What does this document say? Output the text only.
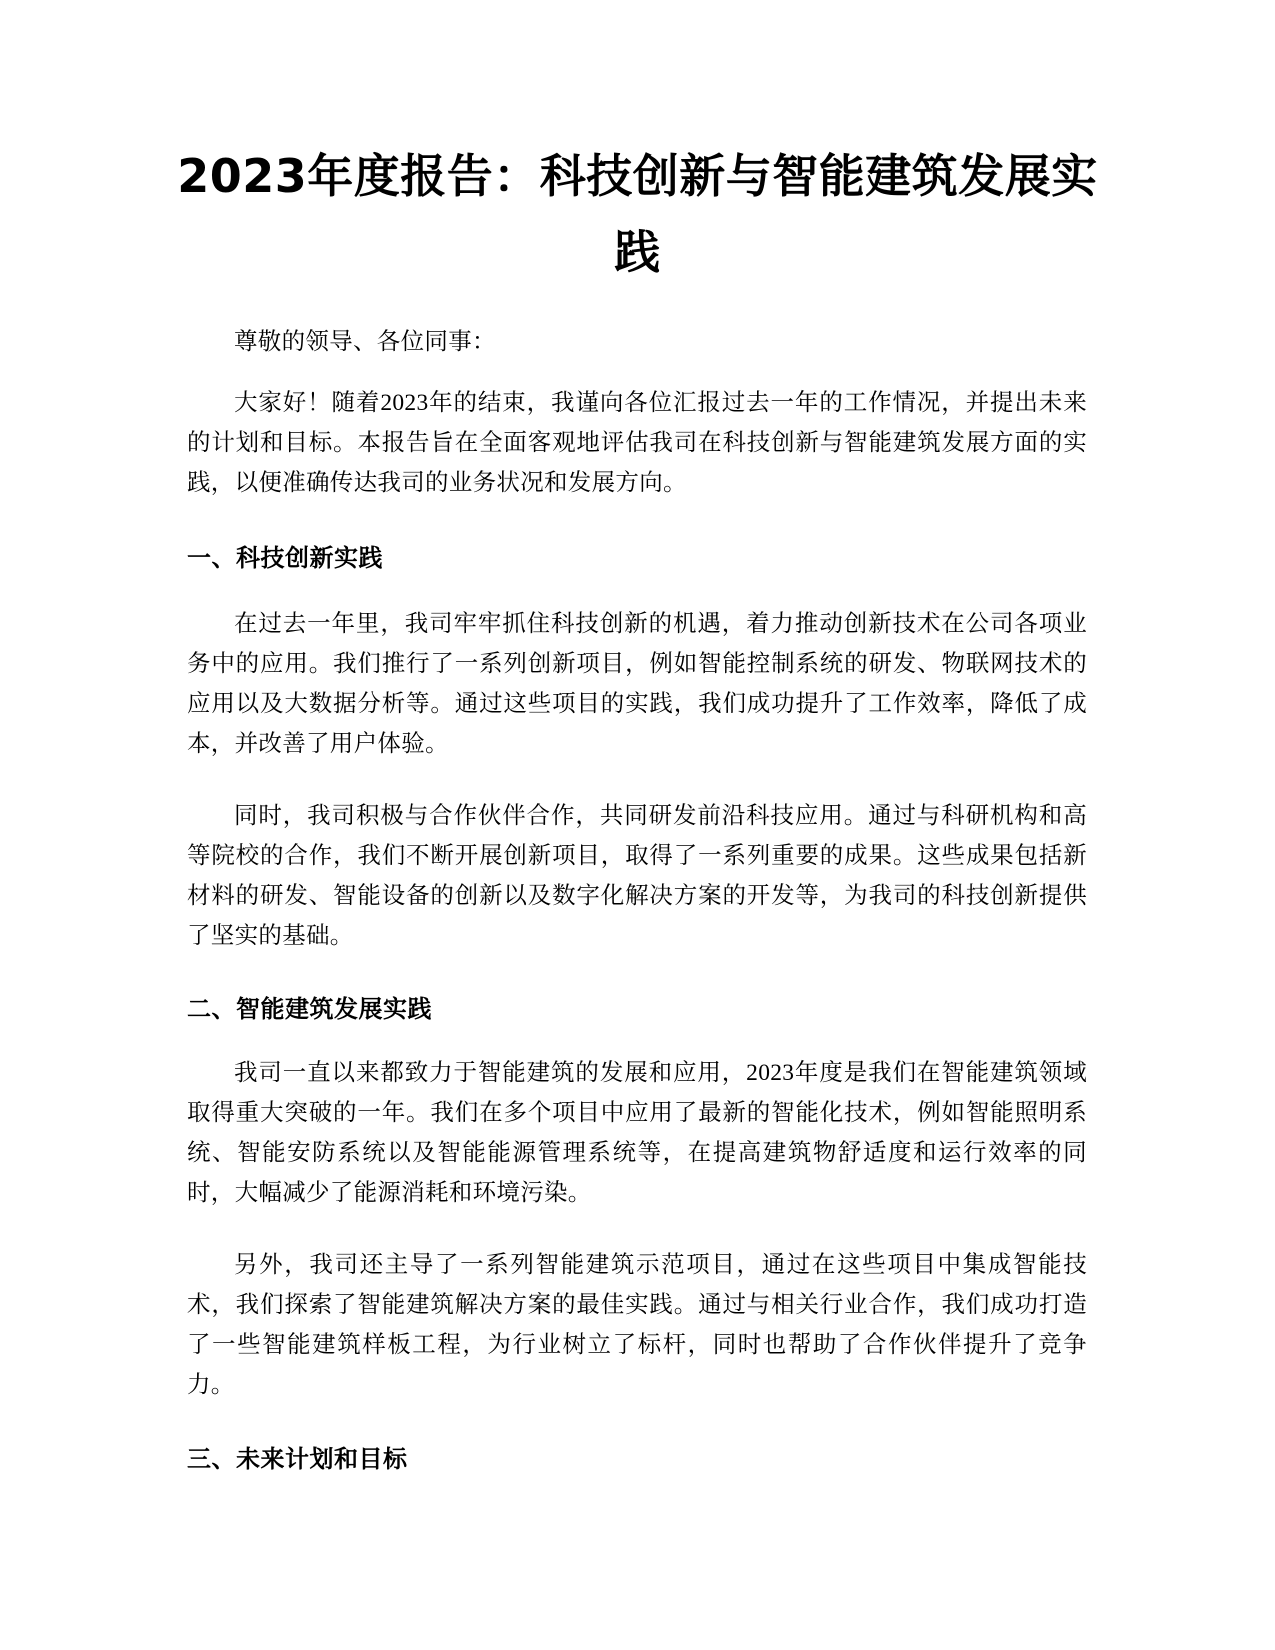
2023年度报告：科技创新与智能建筑发展实践

尊敬的领导、各位同事：

大家好！随着2023年的结束，我谨向各位汇报过去一年的工作情况，并提出未来的计划和目标。本报告旨在全面客观地评估我司在科技创新与智能建筑发展方面的实践，以便准确传达我司的业务状况和发展方向。

一、科技创新实践

在过去一年里，我司牢牢抓住科技创新的机遇，着力推动创新技术在公司各项业务中的应用。我们推行了一系列创新项目，例如智能控制系统的研发、物联网技术的应用以及大数据分析等。通过这些项目的实践，我们成功提升了工作效率，降低了成本，并改善了用户体验。

同时，我司积极与合作伙伴合作，共同研发前沿科技应用。通过与科研机构和高等院校的合作，我们不断开展创新项目，取得了一系列重要的成果。这些成果包括新材料的研发、智能设备的创新以及数字化解决方案的开发等，为我司的科技创新提供了坚实的基础。

二、智能建筑发展实践

我司一直以来都致力于智能建筑的发展和应用，2023年度是我们在智能建筑领域取得重大突破的一年。我们在多个项目中应用了最新的智能化技术，例如智能照明系统、智能安防系统以及智能能源管理系统等，在提高建筑物舒适度和运行效率的同时，大幅减少了能源消耗和环境污染。

另外，我司还主导了一系列智能建筑示范项目，通过在这些项目中集成智能技术，我们探索了智能建筑解决方案的最佳实践。通过与相关行业合作，我们成功打造了一些智能建筑样板工程，为行业树立了标杆，同时也帮助了合作伙伴提升了竞争力。

三、未来计划和目标
